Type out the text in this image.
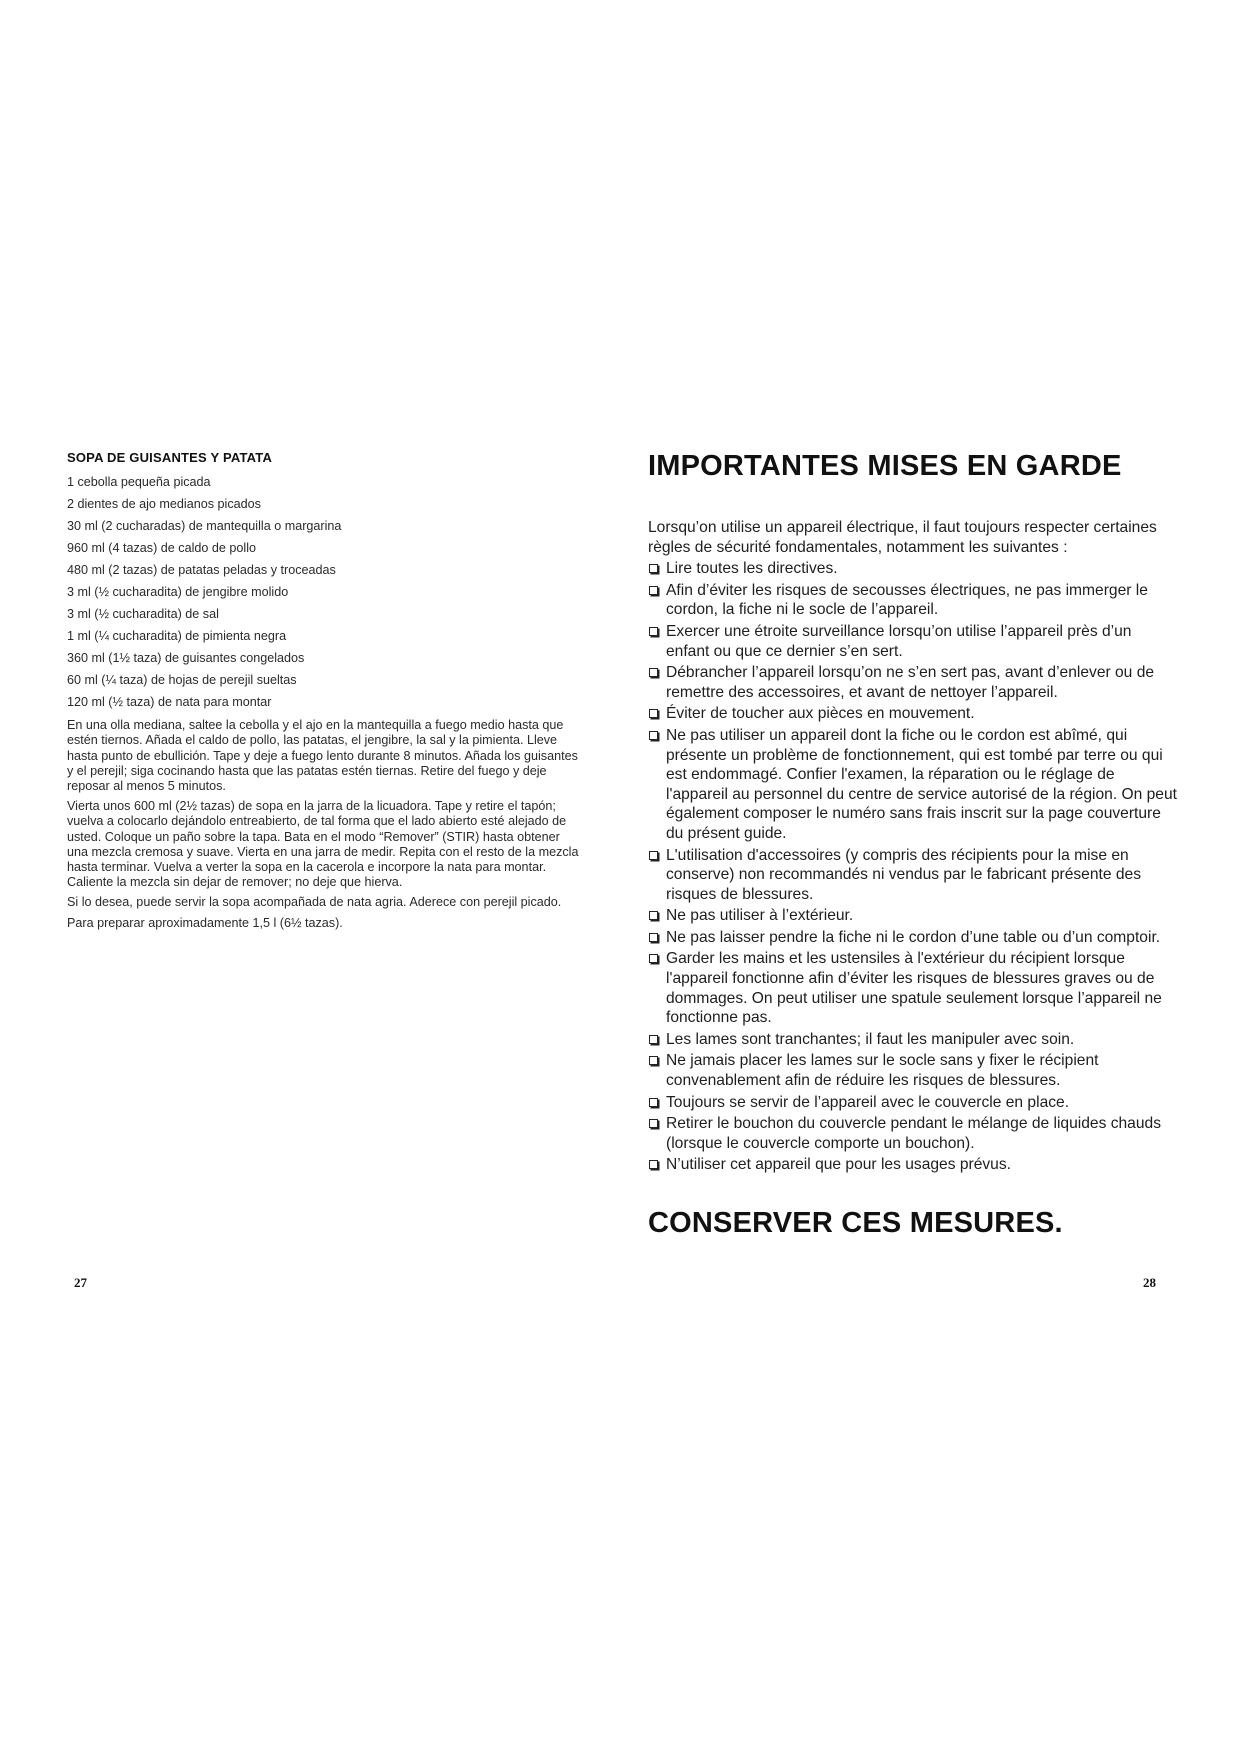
SOPA DE GUISANTES Y PATATA
1 cebolla pequeña picada
2 dientes de ajo medianos picados
30 ml (2 cucharadas) de mantequilla o margarina
960 ml (4 tazas) de caldo de pollo
480 ml (2 tazas) de patatas peladas y troceadas
3 ml (½ cucharadita) de jengibre molido
3 ml (½ cucharadita) de sal
1 ml (¼ cucharadita) de pimienta negra
360 ml (1½ taza) de guisantes congelados
60 ml (¼ taza) de hojas de perejil sueltas
120 ml (½ taza) de nata para montar

En una olla mediana, saltee la cebolla y el ajo en la mantequilla a fuego medio hasta que estén tiernos. Añada el caldo de pollo, las patatas, el jengibre, la sal y la pimienta. Lleve hasta punto de ebullición. Tape y deje a fuego lento durante 8 minutos. Añada los guisantes y el perejil; siga cocinando hasta que las patatas estén tiernas. Retire del fuego y deje reposar al menos 5 minutos.

Vierta unos 600 ml (2½ tazas) de sopa en la jarra de la licuadora. Tape y retire el tapón; vuelva a colocarlo dejándolo entreabierto, de tal forma que el lado abierto esté alejado de usted. Coloque un paño sobre la tapa. Bata en el modo “Remover” (STIR) hasta obtener una mezcla cremosa y suave. Vierta en una jarra de medir. Repita con el resto de la mezcla hasta terminar. Vuelva a verter la sopa en la cacerola e incorpore la nata para montar. Caliente la mezcla sin dejar de remover; no deje que hierva.

Si lo desea, puede servir la sopa acompañada de nata agria. Aderece con perejil picado.

Para preparar aproximadamente 1,5 l (6½ tazas).

IMPORTANTES MISES EN GARDE

Lorsqu’on utilise un appareil électrique, il faut toujours respecter certaines règles de sécurité fondamentales, notamment les suivantes :

Lire toutes les directives.
Afin d’éviter les risques de secousses électriques, ne pas immerger le cordon, la fiche ni le socle de l’appareil.
Exercer une étroite surveillance lorsqu’on utilise l’appareil près d’un enfant ou que ce dernier s’en sert.
Débrancher l’appareil lorsqu’on ne s’en sert pas, avant d’enlever ou de remettre des accessoires, et avant de nettoyer l’appareil.
Éviter de toucher aux pièces en mouvement.
Ne pas utiliser un appareil dont la fiche ou le cordon est abîmé, qui présente un problème de fonctionnement, qui est tombé par terre ou qui est endommagé. Confier l'examen, la réparation ou le réglage de l'appareil au personnel du centre de service autorisé de la région. On peut également composer le numéro sans frais inscrit sur la page couverture du présent guide.
L'utilisation d'accessoires (y compris des récipients pour la mise en conserve) non recommandés ni vendus par le fabricant présente des risques de blessures.
Ne pas utiliser à l’extérieur.
Ne pas laisser pendre la fiche ni le cordon d’une table ou d’un comptoir.
Garder les mains et les ustensiles à l'extérieur du récipient lorsque l'appareil fonctionne afin d’éviter les risques de blessures graves ou de dommages. On peut utiliser une spatule seulement lorsque l’appareil ne fonctionne pas.
Les lames sont tranchantes; il faut les manipuler avec soin.
Ne jamais placer les lames sur le socle sans y fixer le récipient convenablement afin de réduire les risques de blessures.
Toujours se servir de l’appareil avec le couvercle en place.
Retirer le bouchon du couvercle pendant le mélange de liquides chauds (lorsque le couvercle comporte un bouchon).
N’utiliser cet appareil que pour les usages prévus.
CONSERVER CES MESURES.
27	28
